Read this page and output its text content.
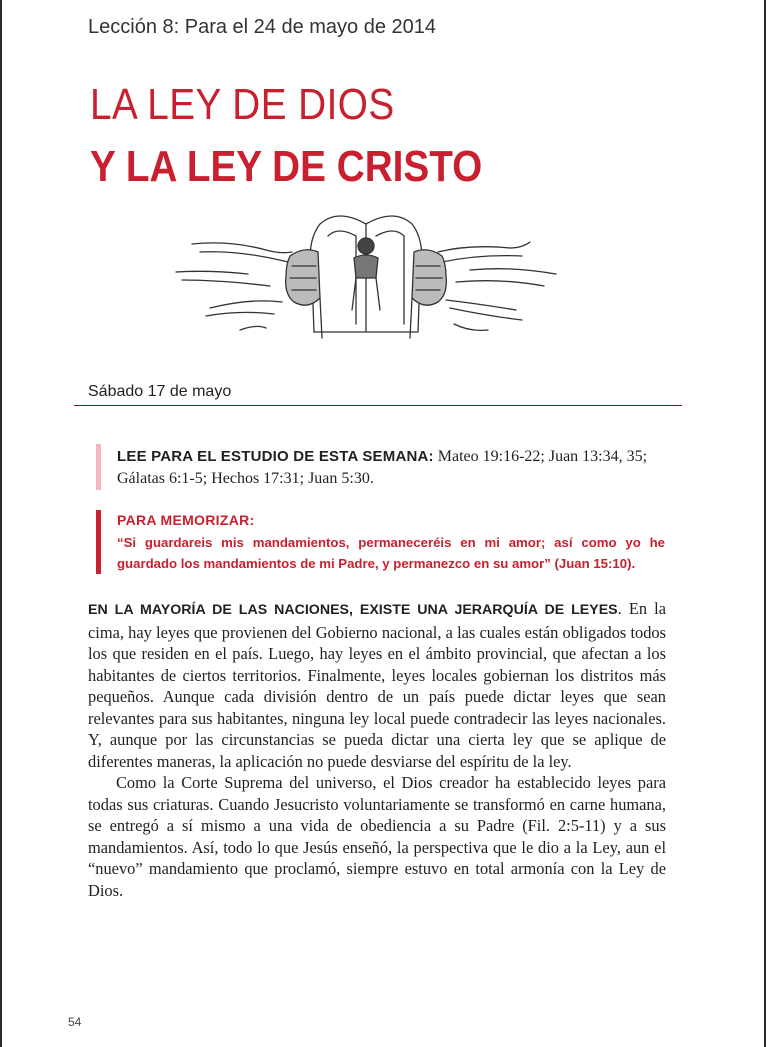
Lección 8: Para el 24 de mayo de 2014
LA LEY DE DIOS
Y LA LEY DE CRISTO
Sábado 17 de mayo
LEE PARA EL ESTUDIO DE ESTA SEMANA: Mateo 19:16-22; Juan 13:34, 35; Gálatas 6:1-5; Hechos 17:31; Juan 5:30.
PARA MEMORIZAR:
“Si guardareis mis mandamientos, permaneceréis en mi amor; así como yo he guardado los mandamientos de mi Padre, y permanezco en su amor” (Juan 15:10).

EN LA MAYORÍA DE LAS NACIONES, EXISTE UNA JERARQUÍA DE LEYES. En la cima, hay leyes que provienen del Gobierno nacional, a las cuales están obligados todos los que residen en el país. Luego, hay leyes en el ámbito provincial, que afectan a los habitantes de ciertos territorios. Finalmente, leyes locales gobiernan los distritos más pequeños. Aunque cada división dentro de un país puede dictar leyes que sean relevantes para sus habitantes, ninguna ley local puede contradecir las leyes nacionales. Y, aunque por las circunstancias se pueda dictar una cierta ley que se aplique de diferentes maneras, la aplicación no puede desviarse del espíritu de la ley.

Como la Corte Suprema del universo, el Dios creador ha establecido leyes para todas sus criaturas. Cuando Jesucristo voluntariamente se transformó en carne humana, se entregó a sí mismo a una vida de obediencia a su Padre (Fil. 2:5-11) y a sus mandamientos. Así, todo lo que Jesús enseñó, la perspectiva que le dio a la Ley, aun el “nuevo” mandamiento que proclamó, siempre estuvo en total armonía con la Ley de Dios.

54
